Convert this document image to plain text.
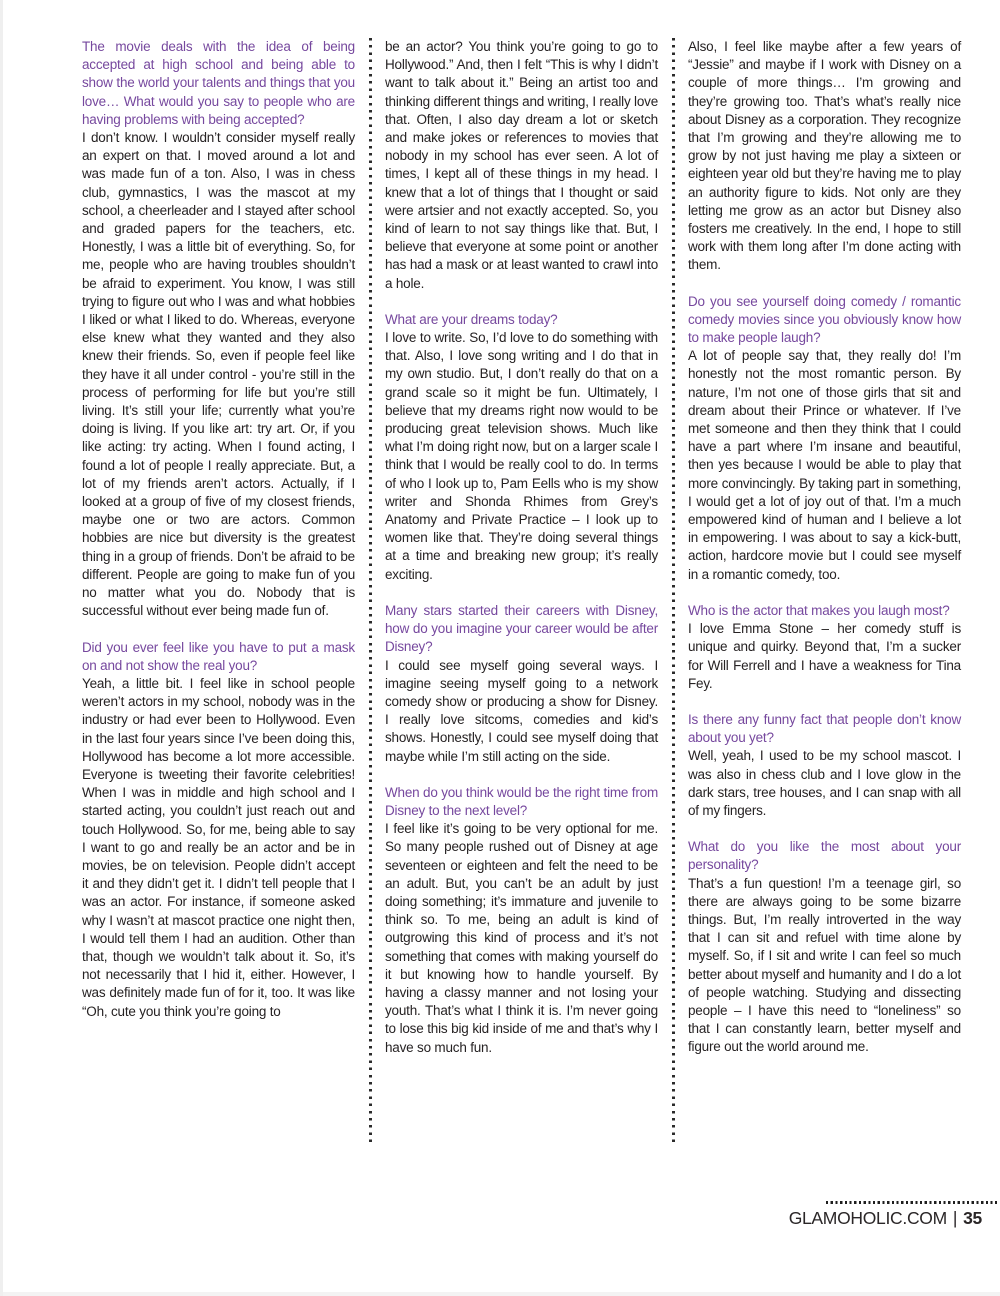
The movie deals with the idea of being accepted at high school and being able to show the world your talents and things that you love… What would you say to people who are having problems with being accepted?

I don’t know. I wouldn’t consider myself really an expert on that. I moved around a lot and was made fun of a ton. Also, I was in chess club, gymnastics, I was the mascot at my school, a cheerleader and I stayed after school and graded papers for the teachers, etc. Honestly, I was a little bit of everything. So, for me, people who are having troubles shouldn’t be afraid to experiment. You know, I was still trying to figure out who I was and what hobbies I liked or what I liked to do. Whereas, everyone else knew what they wanted and they also knew their friends. So, even if people feel like they have it all under control - you’re still in the process of performing for life but you’re still living. It’s still your life; currently what you’re doing is living. If you like art: try art. Or, if you like acting: try acting. When I found acting, I found a lot of people I really appreciate. But, a lot of my friends aren’t actors. Actually, if I looked at a group of five of my closest friends, maybe one or two are actors. Common hobbies are nice but diversity is the greatest thing in a group of friends. Don’t be afraid to be different. People are going to make fun of you no matter what you do. Nobody that is successful without ever being made fun of.

Did you ever feel like you have to put a mask on and not show the real you?

Yeah, a little bit. I feel like in school people weren’t actors in my school, nobody was in the industry or had ever been to Hollywood. Even in the last four years since I’ve been doing this, Hollywood has become a lot more accessible. Everyone is tweeting their favorite celebrities! When I was in middle and high school and I started acting, you couldn’t just reach out and touch Hollywood. So, for me, being able to say I want to go and really be an actor and be in movies, be on television. People didn’t accept it and they didn’t get it. I didn’t tell people that I was an actor. For instance, if someone asked why I wasn’t at mascot practice one night then, I would tell them I had an audition. Other than that, though we wouldn’t talk about it. So, it’s not necessarily that I hid it, either. However, I was definitely made fun of for it, too. It was like “Oh, cute you think you’re going to

be an actor? You think you’re going to go to Hollywood.” And, then I felt “This is why I didn’t want to talk about it.” Being an artist too and thinking different things and writing, I really love that. Often, I also day dream a lot or sketch and make jokes or references to movies that nobody in my school has ever seen. A lot of times, I kept all of these things in my head. I knew that a lot of things that I thought or said were artsier and not exactly accepted. So, you kind of learn to not say things like that. But, I believe that everyone at some point or another has had a mask or at least wanted to crawl into a hole.

What are your dreams today?

I love to write. So, I’d love to do something with that. Also, I love song writing and I do that in my own studio. But, I don’t really do that on a grand scale so it might be fun. Ultimately, I believe that my dreams right now would to be producing great television shows. Much like what I’m doing right now, but on a larger scale I think that I would be really cool to do. In terms of who I look up to, Pam Eells who is my show writer and Shonda Rhimes from Grey’s Anatomy and Private Practice – I look up to women like that. They’re doing several things at a time and breaking new group; it’s really exciting.

Many stars started their careers with Disney, how do you imagine your career would be after Disney?

I could see myself going several ways. I imagine seeing myself going to a network comedy show or producing a show for Disney. I really love sitcoms, comedies and kid’s shows. Honestly, I could see myself doing that maybe while I’m still acting on the side.

When do you think would be the right time from Disney to the next level?

I feel like it’s going to be very optional for me. So many people rushed out of Disney at age seventeen or eighteen and felt the need to be an adult. But, you can’t be an adult by just doing something; it’s immature and juvenile to think so. To me, being an adult is kind of outgrowing this kind of process and it’s not something that comes with making yourself do it but knowing how to handle yourself. By having a classy manner and not losing your youth. That’s what I think it is. I’m never going to lose this big kid inside of me and that’s why I have so much fun.

Also, I feel like maybe after a few years of “Jessie” and maybe if I work with Disney on a couple of more things… I’m growing and they’re growing too. That’s what’s really nice about Disney as a corporation. They recognize that I’m growing and they’re allowing me to grow by not just having me play a sixteen or eighteen year old but they’re having me to play an authority figure to kids. Not only are they letting me grow as an actor but Disney also fosters me creatively. In the end, I hope to still work with them long after I’m done acting with them.

Do you see yourself doing comedy / romantic comedy movies since you obviously know how to make people laugh?

A lot of people say that, they really do! I’m honestly not the most romantic person. By nature, I’m not one of those girls that sit and dream about their Prince or whatever. If I’ve met someone and then they think that I could have a part where I’m insane and beautiful, then yes because I would be able to play that more convincingly. By taking part in something, I would get a lot of joy out of that. I’m a much empowered kind of human and I believe a lot in empowering. I was about to say a kick-butt, action, hardcore movie but I could see myself in a romantic comedy, too.

Who is the actor that makes you laugh most?

I love Emma Stone – her comedy stuff is unique and quirky. Beyond that, I’m a sucker for Will Ferrell and I have a weakness for Tina Fey.

Is there any funny fact that people don’t know about you yet?

Well, yeah, I used to be my school mascot. I was also in chess club and I love glow in the dark stars, tree houses, and I can snap with all of my fingers.

What do you like the most about your personality?

That’s a fun question! I’m a teenage girl, so there are always going to be some bizarre things. But, I’m really introverted in the way that I can sit and refuel with time alone by myself. So, if I sit and write I can feel so much better about myself and humanity and I do a lot of people watching. Studying and dissecting people – I have this need to “loneliness” so that I can constantly learn, better myself and figure out the world around me.

GLAMOHOLIC.COM | 35
